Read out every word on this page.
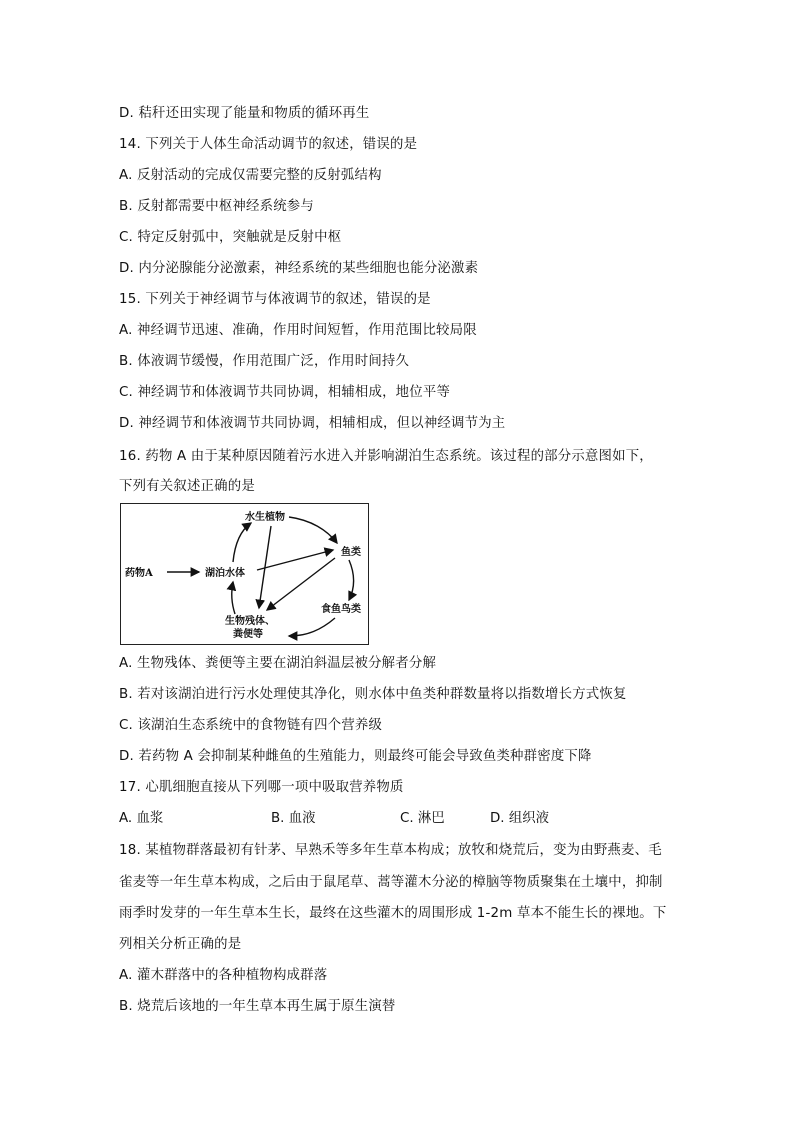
D. 秸秆还田实现了能量和物质的循环再生
14. 下列关于人体生命活动调节的叙述，错误的是
A. 反射活动的完成仅需要完整的反射弧结构
B. 反射都需要中枢神经系统参与
C. 特定反射弧中，突触就是反射中枢
D. 内分泌腺能分泌激素，神经系统的某些细胞也能分泌激素
15. 下列关于神经调节与体液调节的叙述，错误的是
A. 神经调节迅速、准确，作用时间短暂，作用范围比较局限
B. 体液调节缓慢，作用范围广泛，作用时间持久
C. 神经调节和体液调节共同协调，相辅相成，地位平等
D. 神经调节和体液调节共同协调，相辅相成，但以神经调节为主
16. 药物 A 由于某种原因随着污水进入并影响湖泊生态系统。该过程的部分示意图如下，
下列有关叙述正确的是
药物A	湖泊水体
水生植物
鱼类
食鱼鸟类
生物残体、
粪便等
A. 生物残体、粪便等主要在湖泊斜温层被分解者分解
B. 若对该湖泊进行污水处理使其净化，则水体中鱼类种群数量将以指数增长方式恢复
C. 该湖泊生态系统中的食物链有四个营养级
D. 若药物 A 会抑制某种雌鱼的生殖能力，则最终可能会导致鱼类种群密度下降
17. 心肌细胞直接从下列哪一项中吸取营养物质
A. 血浆	B. 血液	C. 淋巴	D. 组织液
18. 某植物群落最初有针茅、早熟禾等多年生草本构成；放牧和烧荒后，变为由野燕麦、毛
雀麦等一年生草本构成，之后由于鼠尾草、蒿等灌木分泌的樟脑等物质聚集在土壤中，抑制
雨季时发芽的一年生草本生长，最终在这些灌木的周围形成 1-2m 草本不能生长的裸地。下
列相关分析正确的是
A. 灌木群落中的各种植物构成群落
B. 烧荒后该地的一年生草本再生属于原生演替
